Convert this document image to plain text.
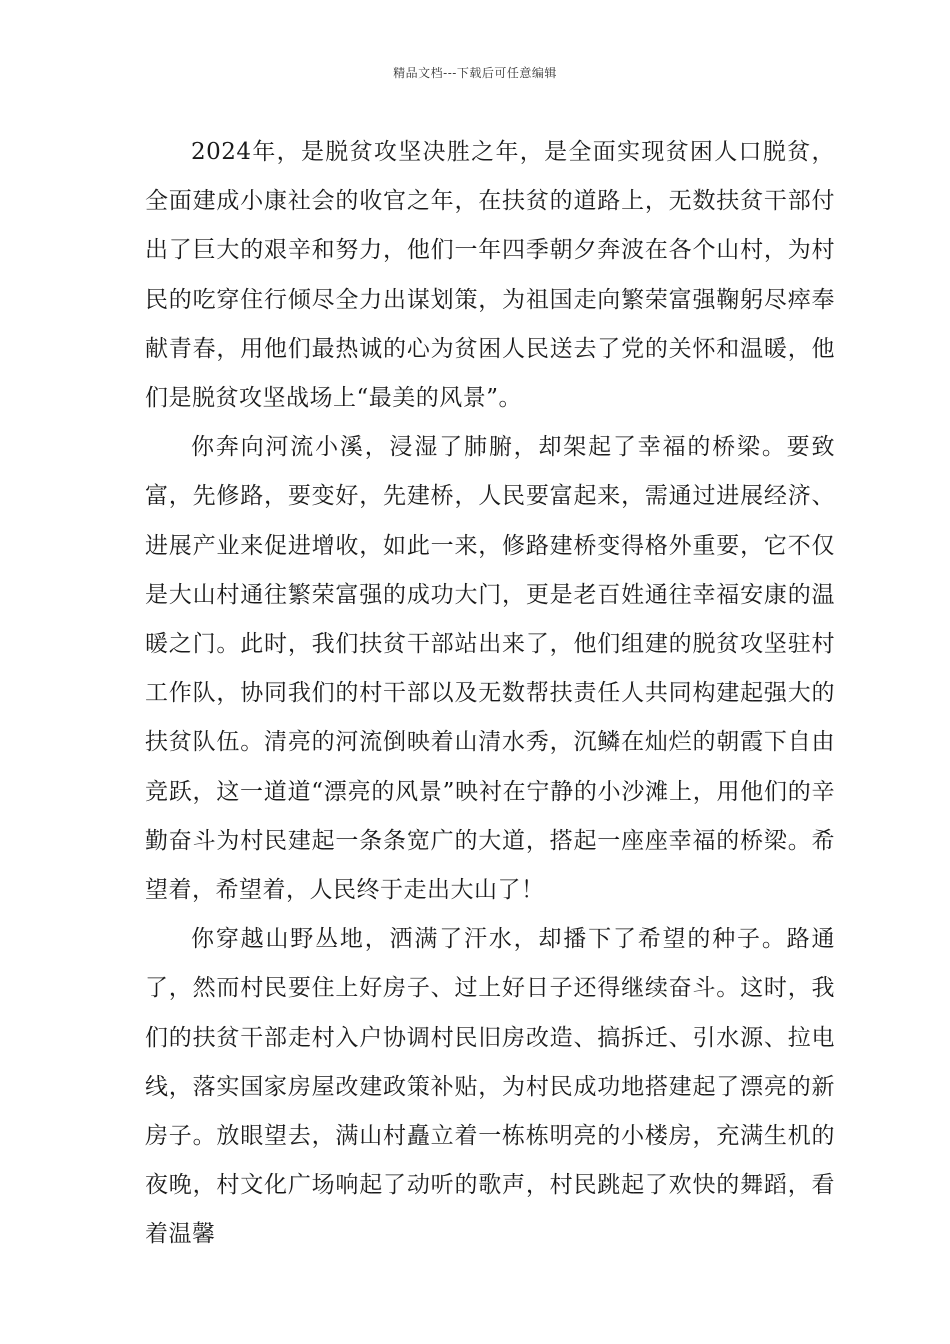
精品文档---下载后可任意编辑

2024年，是脱贫攻坚决胜之年，是全面实现贫困人口脱贫，全面建成小康社会的收官之年，在扶贫的道路上，无数扶贫干部付出了巨大的艰辛和努力，他们一年四季朝夕奔波在各个山村，为村民的吃穿住行倾尽全力出谋划策，为祖国走向繁荣富强鞠躬尽瘁奉献青春，用他们最热诚的心为贫困人民送去了党的关怀和温暖，他们是脱贫攻坚战场上“最美的风景”。

你奔向河流小溪，浸湿了肺腑，却架起了幸福的桥梁。要致富，先修路，要变好，先建桥，人民要富起来，需通过进展经济、进展产业来促进增收，如此一来，修路建桥变得格外重要，它不仅是大山村通往繁荣富强的成功大门，更是老百姓通往幸福安康的温暖之门。此时，我们扶贫干部站出来了，他们组建的脱贫攻坚驻村工作队，协同我们的村干部以及无数帮扶责任人共同构建起强大的扶贫队伍。清亮的河流倒映着山清水秀，沉鳞在灿烂的朝霞下自由竞跃，这一道道“漂亮的风景”映衬在宁静的小沙滩上，用他们的辛勤奋斗为村民建起一条条宽广的大道，搭起一座座幸福的桥梁。希望着，希望着，人民终于走出大山了！

你穿越山野丛地，洒满了汗水，却播下了希望的种子。路通了，然而村民要住上好房子、过上好日子还得继续奋斗。这时，我们的扶贫干部走村入户协调村民旧房改造、搞拆迁、引水源、拉电线，落实国家房屋改建政策补贴，为村民成功地搭建起了漂亮的新房子。放眼望去，满山村矗立着一栋栋明亮的小楼房，充满生机的夜晚，村文化广场响起了动听的歌声，村民跳起了欢快的舞蹈，看着温馨
